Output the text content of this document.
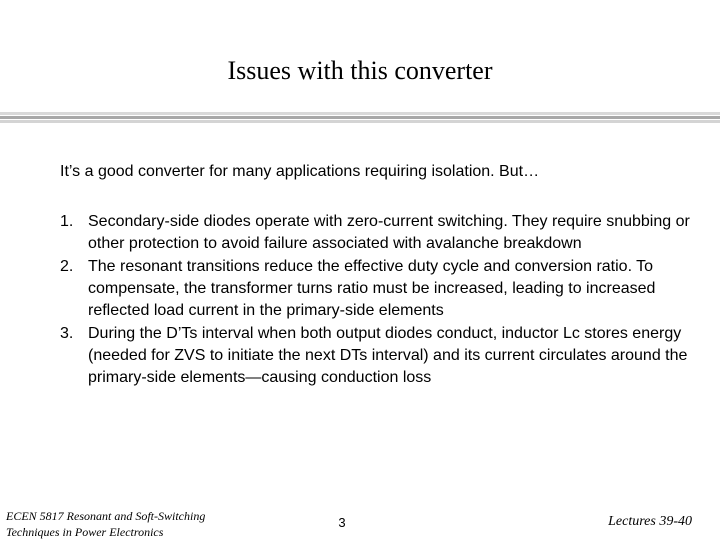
Issues with this converter
It’s a good converter for many applications requiring isolation. But…
1. Secondary-side diodes operate with zero-current switching. They require snubbing or other protection to avoid failure associated with avalanche breakdown
2. The resonant transitions reduce the effective duty cycle and conversion ratio. To compensate, the transformer turns ratio must be increased, leading to increased reflected load current in the primary-side elements
3. During the D’Ts interval when both output diodes conduct, inductor Lc stores energy (needed for ZVS to initiate the next DTs interval) and its current circulates around the primary-side elements—causing conduction loss
ECEN 5817 Resonant and Soft-Switching
Techniques in Power Electronics
3	Lectures 39-40
